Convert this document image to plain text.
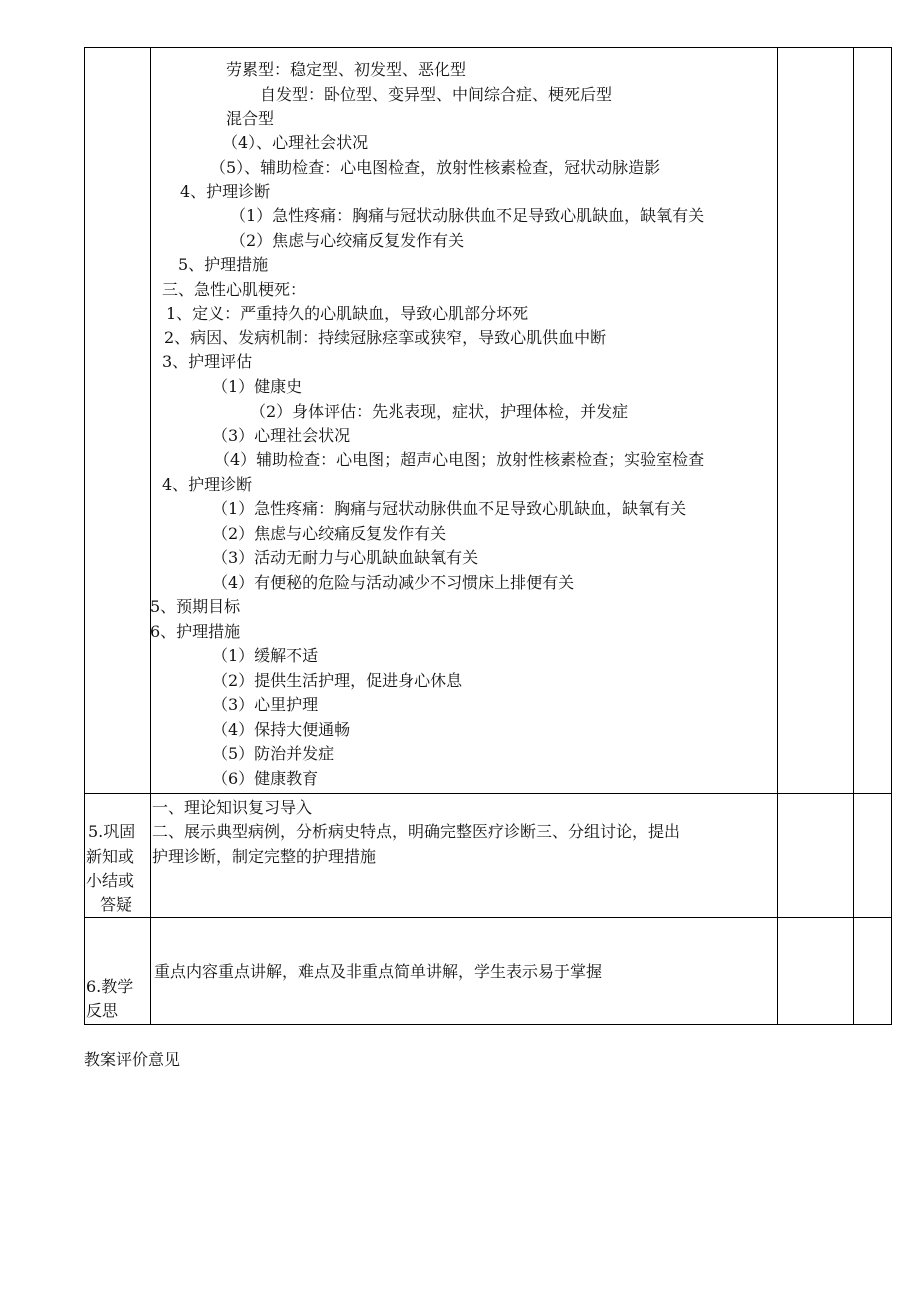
劳累型：稳定型、初发型、恶化型
自发型：卧位型、变异型、中间综合症、梗死后型
混合型
（4）、心理社会状况
（5）、辅助检查：心电图检查，放射性核素检查，冠状动脉造影
4、护理诊断
（1）急性疼痛：胸痛与冠状动脉供血不足导致心肌缺血，缺氧有关
（2）焦虑与心绞痛反复发作有关
5、护理措施
三、急性心肌梗死：
1、定义：严重持久的心肌缺血，导致心肌部分坏死
2、病因、发病机制：持续冠脉痉挛或狭窄，导致心肌供血中断
3、护理评估
（1）健康史
（2）身体评估：先兆表现，症状，护理体检，并发症
（3）心理社会状况
（4）辅助检查：心电图；超声心电图；放射性核素检查；实验室检查
4、护理诊断
（1）急性疼痛：胸痛与冠状动脉供血不足导致心肌缺血，缺氧有关
（2）焦虑与心绞痛反复发作有关
（3）活动无耐力与心肌缺血缺氧有关
（4）有便秘的危险与活动减少不习惯床上排便有关
5、预期目标
6、护理措施
（1）缓解不适
（2）提供生活护理，促进身心休息
（3）心里护理
（4）保持大便通畅
（5）防治并发症
（6）健康教育
5.巩固
新知或
小结或
答疑
一、理论知识复习导入
二、展示典型病例，分析病史特点，明确完整医疗诊断三、分组讨论，提出
护理诊断，制定完整的护理措施
6.教学
反思
重点内容重点讲解，难点及非重点简单讲解，学生表示易于掌握
教案评价意见
